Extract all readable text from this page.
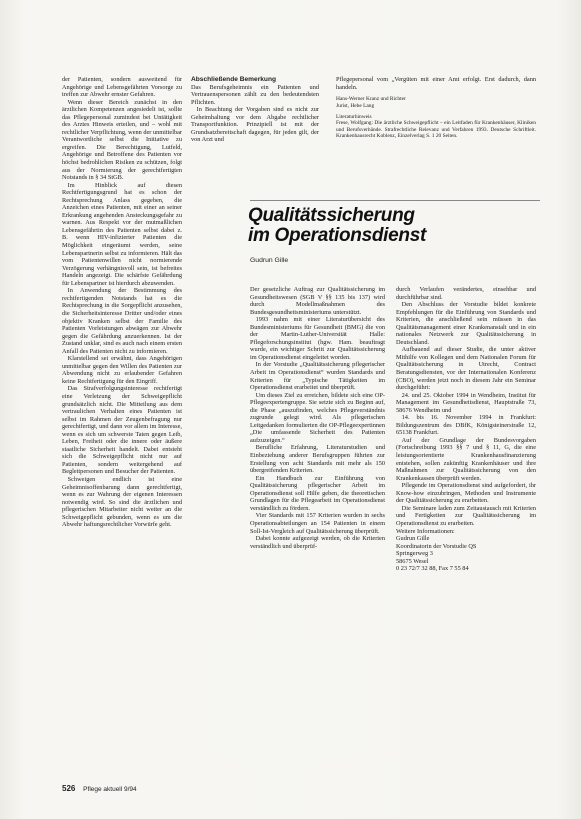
der Patienten, sondern ausweitend für Angehörige und Lebensgefährten Vorsorge zu treffen zur Abwehr ernster Gefahren.

Wenn dieser Bereich zunächst in den ärztlichen Kompetenzen angesiedelt ist, sollte das Pflegepersonal zumindest bei Untätigkeit des Arztes Hinweis erteilen, und – wohl mit rechtlicher Verpflichtung, wenn der unmittelbar Verantwortliche selbst die Initiative zu ergreifen. Die Berechtigung, Lutfeld, Angehörige und Betroffene des Patienten vor höchst bedrohlichen Risiken zu schützen, folgt aus der Normierung der gerechtfertigten Notstands in § 34 StGB.

Im Hinblick auf diesen Rechtfertigungsgrund hat es schon der Rechtsprechung Anlass gegeben, die Anzeichen eines Patienten, mit einer an seiner Erkrankung angehenden Ansteckungsgefahr zu warnen. Aus Respekt vor der mutmaßlichen Lebensgefährtin des Patienten selbst dabei z. B. wenn HIV-infizierter Patienten die Möglichkeit eingeräumt werden, seine Lebenspartnerin selbst zu informieren. Hält das vom Patientenwillen nicht normierende Verzögerung verhängnisvoll sein, ist befreites Handeln angezeigt. Die schärfste Gefährdung für Lebenspartner ist hierdurch abzuwenden.

In Anwendung der Bestimmung des rechtfertigenden Notstands hat es die Rechtsprechung in die Sorgepflicht anzusehen, die Sicherheitsinteresse Dritter und/oder eines objektiv Kranken selbst der Familie des Patienten Vorleistungen abwägen zur Abwehr gegen die Gefährdung anzuerkennen. Ist der Zustand unklar, sind es auch nach einem ersten Anfall des Patienten nicht zu informieren.

Klarstellend sei erwähnt, dass Angehörigen unmittelbar gegen den Willen des Patienten zur Abwendung nicht zu erlaubender Gefahren keine Rechtfertigung für den Eingriff.

Das Strafverfolgungsinteresse rechtfertigt eine Verletzung der Schweigepflicht grundsätzlich nicht. Die Mitteilung aus dem vertraulichen Verhalten eines Patienten ist selbst im Rahmen der Zeugenbefragung nur gerechtfertigt, und dann vor allem im Interesse, wenn es sich um schwerste Taten gegen Leib, Leben, Freiheit oder die innere oder äußere staatliche Sicherheit handelt. Dabei entsteht sich die Schweigepflicht nicht nur auf Patienten, sondern weitergehend auf Begleitpersonen und Besucher der Patienten.

Schweigen endlich ist eine Geheimnisoffenbarung dann gerechtfertigt, wenn es zur Wahrung der eigenen Interessen notwendig wird. So sind die ärztlichen und pflegerischen Mitarbeiter nicht weiter an die Schweigepflicht gebunden, wenn es um die Abwehr haftungsrechtlicher Vorwürfe geht.

Abschließende Bemerkung

Das Berufsgeheimnis ein Patienten und Vertrauenspersonen zählt zu den bedeutendsten Pflichten.

In Beachtung der Vorgaben sind es nicht zur Geheimhaltung vor dem Abgabe rechtlicher Transportfunktion. Prinzipiell ist mit der Grundsatzbereitschaft dagegen, für jeden gilt, der von Arzt und

Pflegepersonal vom „Vergüten mit einer Amt erfolgt. Erst dadurch, dann handeln.

Hans-Werner Kranz und Richter

Jurist, Hebe Lang

Literaturhinweis

Frese, Wolfgang: Die ärztliche Schweigepflicht – ein Leitfaden für Krankenhäuser, Kliniken und Berufsverbände. Strafrechtliche Relevanz und Verfahren 1993. Deutsche Schriftleit. Krankenhausrecht Koblenz, Einzelverlag S. 1 20 Seiten.

Qualitätssicherung
im Operationsdienst
Gudrun Gille

Der gesetzliche Auftrag zur Qualitätssicherung im Gesundheitswesen (SGB V §§ 135 bis 137) wird durch Modellmaßnahmen des Bundesgesundheitsministeriums unterstützt.

1993 nahm mit einer Literaturübersicht des Bundesministeriums für Gesundheit (BMG) die von der Martin-Luther-Universität Halle: Pflegeforschungsinstitut (hgw. Ham. beauftragt wurde, ein wichtiger Schritt zur Qualitätssicherung im Operationsdienst eingeleitet worden.

In der Vorstudie „Qualitätssicherung pflegerischer Arbeit im Operationsdienst“ wurden Standards und Kriterien für „Typische Tätigkeiten im Operationsdienst erarbeitet und überprüft.

Um dieses Ziel zu erreichen, bildete sich eine OP-Pflegeexpertengruppe. Sie setzte sich zu Beginn auf, die Phase „auszufinden, welches Pflegeverständnis zugrunde gelegt wird. Als pflegerischen Leitgedanken formulierten die OP-Pflegeexpertinnen „Die umfassende Sicherheit des Patienten aufzuzeigen.“

Berufliche Erfahrung, Literaturstudien und Einbeziehung anderer Berufsgruppen führten zur Erstellung von acht Standards mit mehr als 150 übergreifenden Kriterien.

Ein Handbuch zur Einführung von Qualitätssicherung pflegerischer Arbeit im Operationsdienst soll Hilfe geben, die theoretischen Grundlagen für die Pflegearbeit im Operationsdienst verständlich zu fördern.

Vier Standards mit 157 Kriterien wurden in sechs Operationsabteilungen an 154 Patienten in einem Soll-Ist-Vergleich auf Qualitätssicherung überprüft.

Dabei konnte aufgezeigt werden, ob die Kriterien verständlich und überprüf-

durch Verlaufen verändertes, einsehbar und durchführbar sind.

Den Abschluss der Vorstudie bildet konkrete Empfehlungen für die Einführung von Standards und Kriterien, die anschließend sein müssen in das Qualitätsmanagement einer Krankenanstalt und in ein nationales Netzwerk zur Qualitätssicherung in Deutschland.

Aufbauend auf dieser Studie, die unter aktiver Mithilfe von Kollegen und dem Nationalen Forum für Qualitätssicherung in Utrecht, Contract Beratungsdiensten, vor der Internationalen Konferenz (CBO), werden jetzt noch in diesem Jahr ein Seminar durchgeführt:

24. und 25. Oktober 1994 in Wendheim, Institut für Management im Gesundheitsdienst, Hauptstraße 73, 58676 Wendheim und

14. bis 16. November 1994 in Frankfurt: Bildungszentrum des DBfK, Königsteinerstraße 12, 65138 Frankfurt.

Auf der Grundlage der Bundesvorgaben (Fortschreibung 1993 §§ 7 und § 11, G, die eine leistungsorientierte Krankenhausfinanzierung entstehen, sollen zukünftig Krankenhäuser und ihre Maßnahmen zur Qualitätssicherung von den Krankenkassen überprüft werden.

Pflegende im Operationsdienst sind aufgefordert, ihr Know-how einzubringen, Methoden und Instrumente der Qualitätssicherung zu erarbeiten.

Die Seminare laden zum Zeitaustausch mit Kriterien und Fertigkeiten zur Qualitätssicherung im Operationsdienst zu erarbeiten.

Weitere Informationen:

Gudrun Gille

Koordinatorin der Vorstudie QS

Springerweg 3

58675 Wesel

0 23 72/7 32 88, Fax 7 55 84

526 Pflege aktuell 9/94
